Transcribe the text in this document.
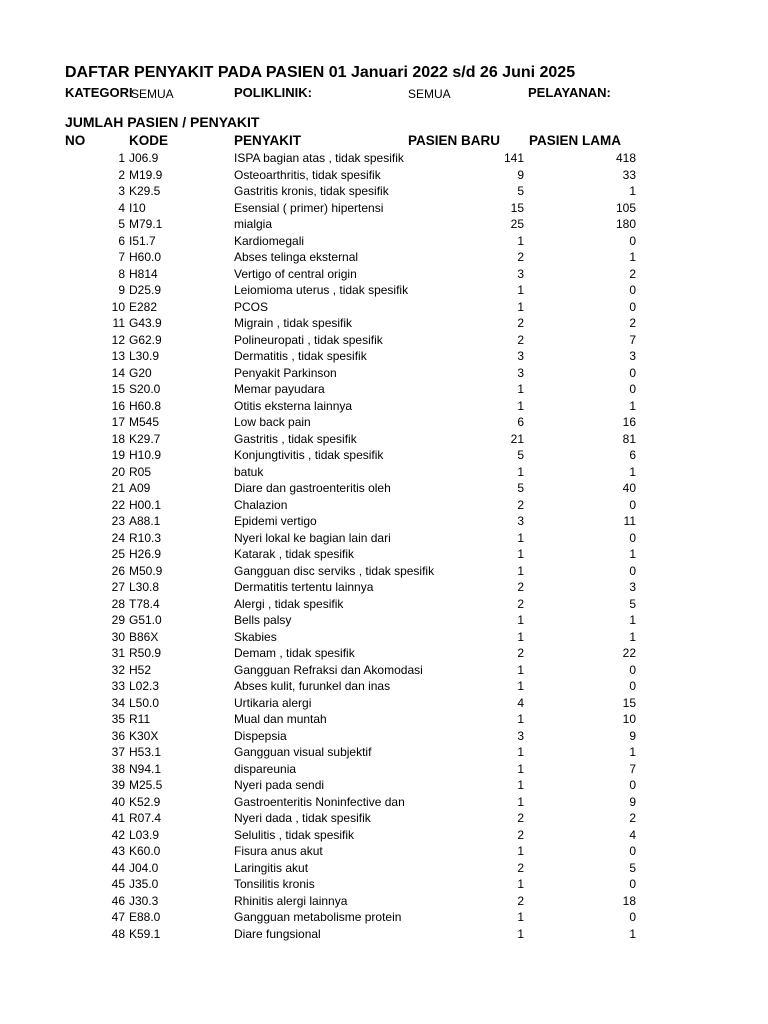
DAFTAR PENYAKIT PADA PASIEN 01 Januari 2022 s/d 26 Juni 2025
KATEGORI
SEMUA	POLIKLINIK:	SEMUA	PELAYANAN:
JUMLAH PASIEN / PENYAKIT
NO	KODE	PENYAKIT	PASIEN BARU PASIEN LAMA
1 J06.9	ISPA bagian atas , tidak spesifik	141	418
2 M19.9	Osteoarthritis, tidak spesifik	9	33
3 K29.5	Gastritis kronis, tidak spesifik	5	1
4 I10	Esensial ( primer) hipertensi	15	105
5 M79.1	mialgia	25	180
6 I51.7	Kardiomegali	1	0
7 H60.0	Abses telinga eksternal	2	1
8 H814	Vertigo of central origin	3	2
9 D25.9	Leiomioma uterus , tidak spesifik	1	0
10 E282	PCOS	1	0
11 G43.9	Migrain , tidak spesifik	2	2
12 G62.9	Polineuropati , tidak spesifik	2	7
13 L30.9	Dermatitis , tidak spesifik	3	3
14 G20	Penyakit Parkinson	3	0
15 S20.0	Memar payudara	1	0
16 H60.8	Otitis eksterna lainnya	1	1
17 M545	Low back pain	6	16
18 K29.7	Gastritis , tidak spesifik	21	81
19 H10.9	Konjungtivitis , tidak spesifik	5	6
20 R05	batuk	1	1
21 A09	Diare dan gastroenteritis oleh	5	40
22 H00.1	Chalazion	2	0
23 A88.1	Epidemi vertigo	3	11
24 R10.3	Nyeri lokal ke bagian lain dari	1	0
25 H26.9	Katarak , tidak spesifik	1	1
26 M50.9	Gangguan disc serviks , tidak spesifik	1	0
27 L30.8	Dermatitis tertentu lainnya	2	3
28 T78.4	Alergi , tidak spesifik	2	5
29 G51.0	Bells palsy	1	1
30 B86X	Skabies	1	1
31 R50.9	Demam , tidak spesifik	2	22
32 H52	Gangguan Refraksi dan Akomodasi	1	0
33 L02.3	Abses kulit, furunkel dan inas	1	0
34 L50.0	Urtikaria alergi	4	15
35 R11	Mual dan muntah	1	10
36 K30X	Dispepsia	3	9
37 H53.1	Gangguan visual subjektif	1	1
38 N94.1	dispareunia	1	7
39 M25.5	Nyeri pada sendi	1	0
40 K52.9	Gastroenteritis Noninfective dan	1	9
41 R07.4	Nyeri dada , tidak spesifik	2	2
42 L03.9	Selulitis , tidak spesifik	2	4
43 K60.0	Fisura anus akut	1	0
44 J04.0	Laringitis akut	2	5
45 J35.0	Tonsilitis kronis	1	0
46 J30.3	Rhinitis alergi lainnya	2	18
47 E88.0	Gangguan metabolisme protein	1	0
48 K59.1	Diare fungsional	1	1
